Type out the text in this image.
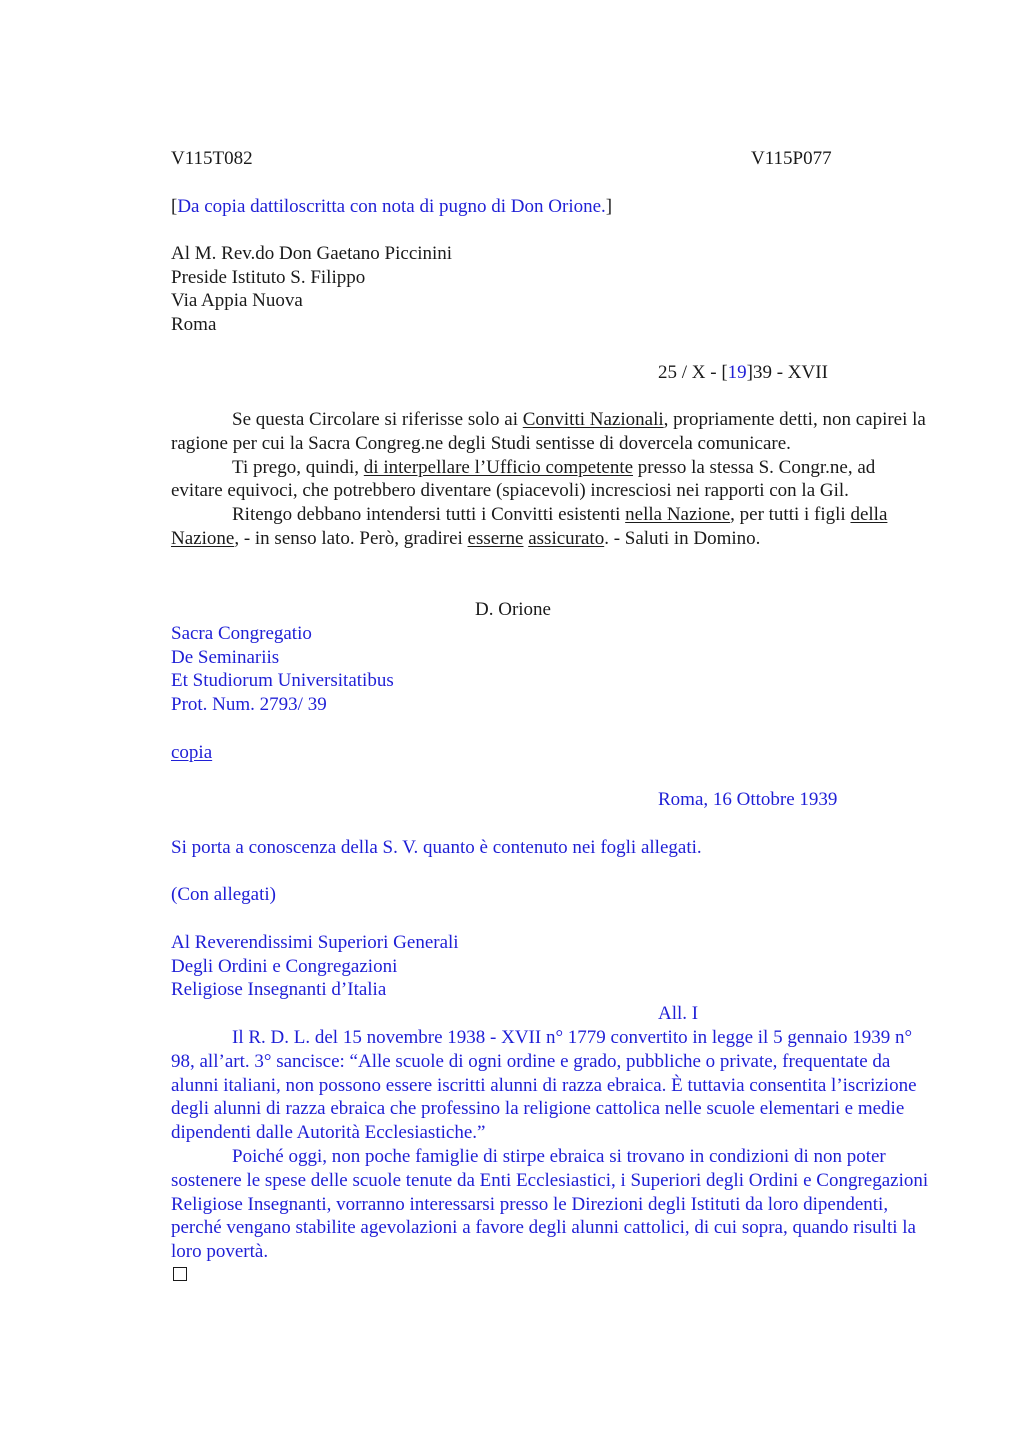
V115T082	V115P077
[Da copia dattiloscritta con nota di pugno di Don Orione.]
Al M. Rev.do Don Gaetano Piccinini
Preside Istituto S. Filippo
Via Appia Nuova
Roma
25 / X - [19]39 - XVII

Se questa Circolare si riferisse solo ai Convitti Nazionali, propriamente detti, non capirei la ragione per cui la Sacra Congreg.ne degli Studi sentisse di dovercela comunicare.

Ti prego, quindi, di interpellare l’Ufficio competente presso la stessa S. Congr.ne, ad evitare equivoci, che potrebbero diventare (spiacevoli) incresciosi nei rapporti con la Gil.

Ritengo debbano intendersi tutti i Convitti esistenti nella Nazione, per tutti i figli della Nazione, - in senso lato. Però, gradirei esserne assicurato. - Saluti in Domino.

D. Orione
Sacra Congregatio
De Seminariis
Et Studiorum Universitatibus
Prot. Num. 2793/ 39
copia
Roma, 16 Ottobre 1939
Si porta a conoscenza della S. V. quanto è contenuto nei fogli allegati.
(Con allegati)
Al Reverendissimi Superiori Generali
Degli Ordini e Congregazioni
Religiose Insegnanti d’Italia
All. I

Il R. D. L. del 15 novembre 1938 - XVII n° 1779 convertito in legge il 5 gennaio 1939 n° 98, all’art. 3° sancisce: “Alle scuole di ogni ordine e grado, pubbliche o private, frequentate da alunni italiani, non possono essere iscritti alunni di razza ebraica. È tuttavia consentita l’iscrizione degli alunni di razza ebraica che professino la religione cattolica nelle scuole elementari e medie dipendenti dalle Autorità Ecclesiastiche.”

Poiché oggi, non poche famiglie di stirpe ebraica si trovano in condizioni di non poter sostenere le spese delle scuole tenute da Enti Ecclesiastici, i Superiori degli Ordini e Congregazioni Religiose Insegnanti, vorranno interessarsi presso le Direzioni degli Istituti da loro dipendenti, perché vengano stabilite agevolazioni a favore degli alunni cattolici, di cui sopra, quando risulti la loro povertà.
